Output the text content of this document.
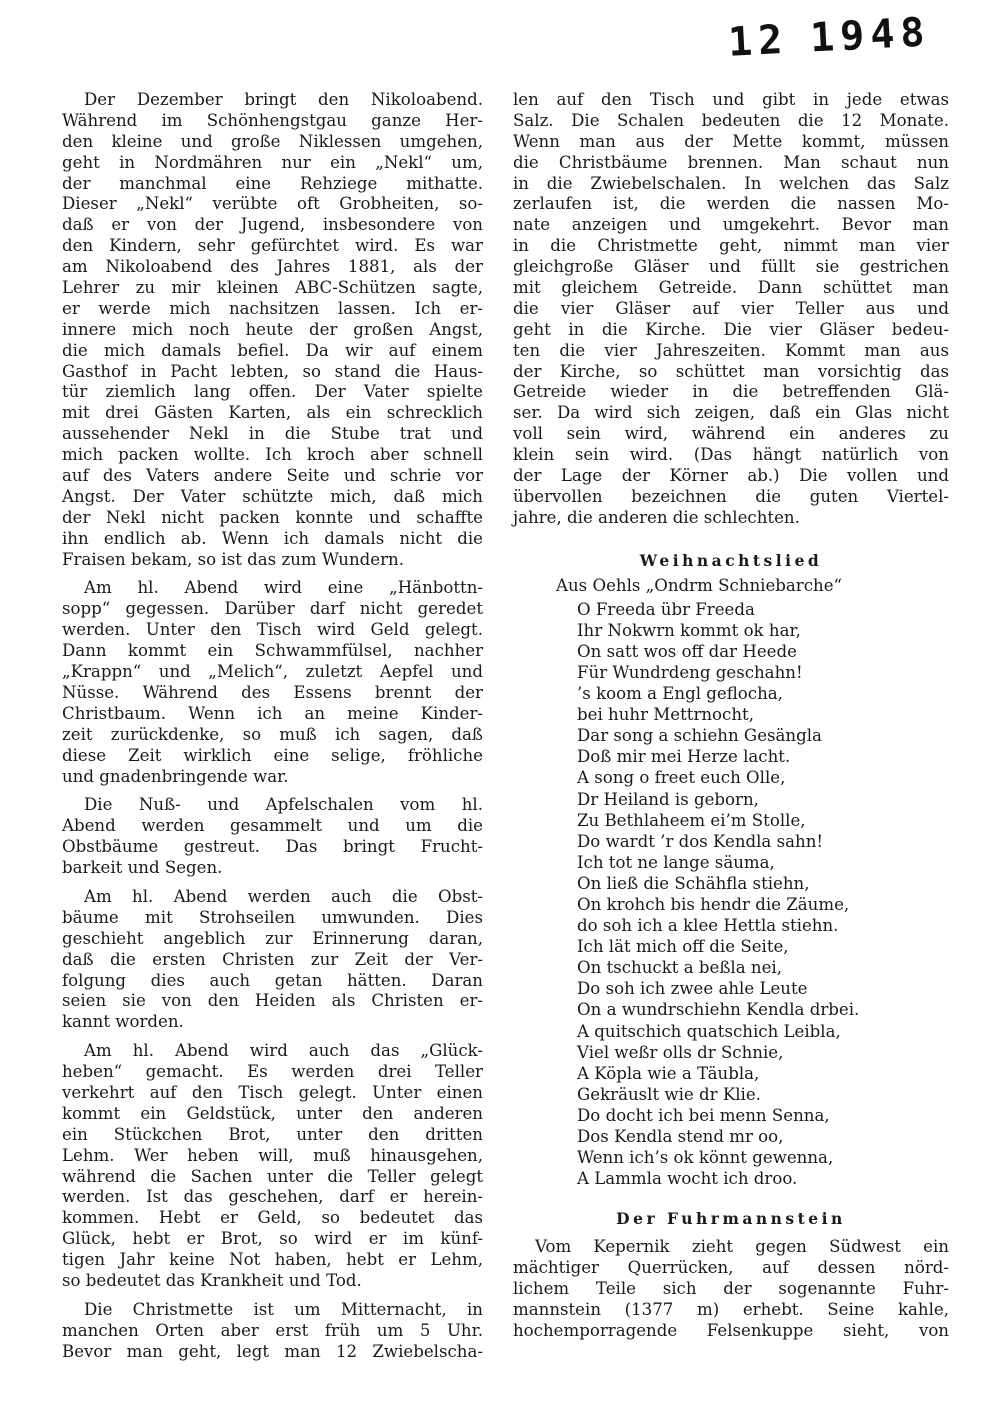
12 1948
Der Dezember bringt den Nikoloabend.
Während im Schönhengstgau ganze Her-
den kleine und große Niklessen umgehen,
geht in Nordmähren nur ein „Nekl“ um,
der manchmal eine Rehziege mithatte.
Dieser „Nekl“ verübte oft Grobheiten, so-
daß er von der Jugend, insbesondere von
den Kindern, sehr gefürchtet wird. Es war
am Nikoloabend des Jahres 1881, als der
Lehrer zu mir kleinen ABC-Schützen sagte,
er werde mich nachsitzen lassen. Ich er-
innere mich noch heute der großen Angst,
die mich damals befiel. Da wir auf einem
Gasthof in Pacht lebten, so stand die Haus-
tür ziemlich lang offen. Der Vater spielte
mit drei Gästen Karten, als ein schrecklich
aussehender Nekl in die Stube trat und
mich packen wollte. Ich kroch aber schnell
auf des Vaters andere Seite und schrie vor
Angst. Der Vater schützte mich, daß mich
der Nekl nicht packen konnte und schaffte
ihn endlich ab. Wenn ich damals nicht die
Fraisen bekam, so ist das zum Wundern.
Am hl. Abend wird eine „Hänbottn-
sopp“ gegessen. Darüber darf nicht geredet
werden. Unter den Tisch wird Geld gelegt.
Dann kommt ein Schwammfülsel, nachher
„Krappn“ und „Melich“, zuletzt Aepfel und
Nüsse. Während des Essens brennt der
Christbaum. Wenn ich an meine Kinder-
zeit zurückdenke, so muß ich sagen, daß
diese Zeit wirklich eine selige, fröhliche
und gnadenbringende war.
Die Nuß- und Apfelschalen vom hl.
Abend werden gesammelt und um die
Obstbäume gestreut. Das bringt Frucht-
barkeit und Segen.
Am hl. Abend werden auch die Obst-
bäume mit Strohseilen umwunden. Dies
geschieht angeblich zur Erinnerung daran,
daß die ersten Christen zur Zeit der Ver-
folgung dies auch getan hätten. Daran
seien sie von den Heiden als Christen er-
kannt worden.
Am hl. Abend wird auch das „Glück-
heben“ gemacht. Es werden drei Teller
verkehrt auf den Tisch gelegt. Unter einen
kommt ein Geldstück, unter den anderen
ein Stückchen Brot, unter den dritten
Lehm. Wer heben will, muß hinausgehen,
während die Sachen unter die Teller gelegt
werden. Ist das geschehen, darf er herein-
kommen. Hebt er Geld, so bedeutet das
Glück, hebt er Brot, so wird er im künf-
tigen Jahr keine Not haben, hebt er Lehm,
so bedeutet das Krankheit und Tod.
Die Christmette ist um Mitternacht, in
manchen Orten aber erst früh um 5 Uhr.
Bevor man geht, legt man 12 Zwiebelscha-
len auf den Tisch und gibt in jede etwas
Salz. Die Schalen bedeuten die 12 Monate.
Wenn man aus der Mette kommt, müssen
die Christbäume brennen. Man schaut nun
in die Zwiebelschalen. In welchen das Salz
zerlaufen ist, die werden die nassen Mo-
nate anzeigen und umgekehrt. Bevor man
in die Christmette geht, nimmt man vier
gleichgroße Gläser und füllt sie gestrichen
mit gleichem Getreide. Dann schüttet man
die vier Gläser auf vier Teller aus und
geht in die Kirche. Die vier Gläser bedeu-
ten die vier Jahreszeiten. Kommt man aus
der Kirche, so schüttet man vorsichtig das
Getreide wieder in die betreffenden Glä-
ser. Da wird sich zeigen, daß ein Glas nicht
voll sein wird, während ein anderes zu
klein sein wird. (Das hängt natürlich von
der Lage der Körner ab.) Die vollen und
übervollen bezeichnen die guten Viertel-
jahre, die anderen die schlechten.
Weihnachtslied
Aus Oehls „Ondrm Schniebarche“
O Freeda übr Freeda
Ihr Nokwrn kommt ok har,
On satt wos off dar Heede
Für Wundrdeng geschahn!
’s koom a Engl geflocha,
bei huhr Mettrnocht,
Dar song a schiehn Gesängla
Doß mir mei Herze lacht.
A song o freet euch Olle,
Dr Heiland is geborn,
Zu Bethlaheem ei’m Stolle,
Do wardt ’r dos Kendla sahn!
Ich tot ne lange säuma,
On ließ die Schähfla stiehn,
On krohch bis hendr die Zäume,
do soh ich a klee Hettla stiehn.
Ich lät mich off die Seite,
On tschuckt a beßla nei,
Do soh ich zwee ahle Leute
On a wundrschiehn Kendla drbei.
A quitschich quatschich Leibla,
Viel weßr olls dr Schnie,
A Köpla wie a Täubla,
Gekräuslt wie dr Klie.
Do docht ich bei menn Senna,
Dos Kendla stend mr oo,
Wenn ich’s ok könnt gewenna,
A Lammla wocht ich droo.
Der Fuhrmannstein
Vom Kepernik zieht gegen Südwest ein
mächtiger Querrücken, auf dessen nörd-
lichem Teile sich der sogenannte Fuhr-
mannstein (1377 m) erhebt. Seine kahle,
hochemporragende Felsenkuppe sieht, von
